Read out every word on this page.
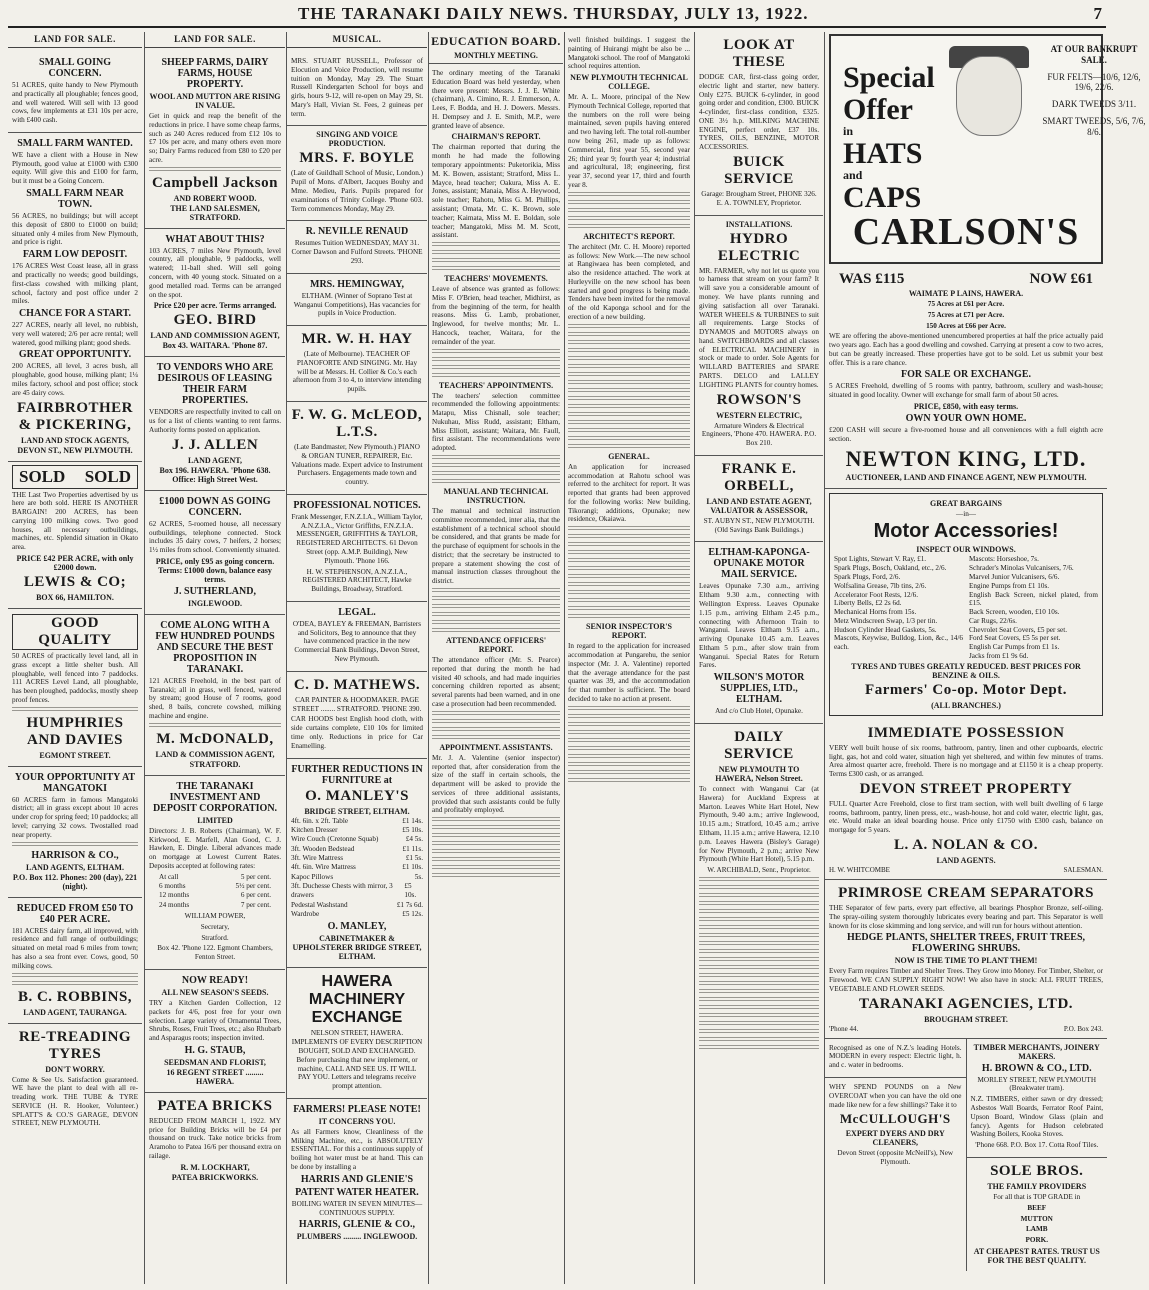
THE TARANAKI DAILY NEWS. THURSDAY, JULY 13, 1922.	7
LAND FOR SALE.
SMALL GOING CONCERN.
51 ACRES, quite handy to New Plymouth and practically all ploughable; fences good, and well watered. Will sell with 13 good cows, few implements at £31 10s per acre, with £400 cash.
SMALL FARM WANTED.
WE have a client with a House in New Plymouth, good value at £1000 with £300 equity. Will give this and £100 for farm, but it must be a Going Concern.
SMALL FARM NEAR TOWN.
56 ACRES, no buildings; but will accept this deposit of £800 to £1000 on build; situated only 4 miles from New Plymouth, and price is right.
FARM LOW DEPOSIT.
176 ACRES West Coast lease, all in grass and practically no weeds; good buildings, first-class cowshed with milking plant, school, factory and post office under 2 miles.
CHANCE FOR A START.
227 ACRES, nearly all level, no rubbish, very well watered; 2/6 per acre rental; well watered, good milking plant; good sheds.
GREAT OPPORTUNITY.
200 ACRES, all level, 3 acres bush, all ploughable, good house, milking plant; 1¼ miles factory, school and post office; stock are 45 dairy cows.
FAIRBROTHER & PICKERING,
LAND AND STOCK AGENTS,
DEVON ST., NEW PLYMOUTH.
SOLD SOLD
THE Last Two Properties advertised by us here are both sold. HERE IS ANOTHER BARGAIN! 200 ACRES, has been carrying 100 milking cows. Two good houses, all necessary outbuildings, machines, etc. Splendid situation in Okato area.
PRICE £42 PER ACRE, with only £2000 down.
LEWIS & CO;
BOX 66, HAMILTON.
GOOD QUALITY
50 ACRES of practically level land, all in grass except a little shelter bush. All ploughable, well fenced into 7 paddocks. 111 ACRES Level Land, all ploughable, has been ploughed, paddocks, mostly sheep proof fences.
HUMPHRIES AND DAVIES
EGMONT STREET.
YOUR OPPORTUNITY AT MANGATOKI
60 ACRES farm in famous Mangatoki district; all in grass except about 10 acres under crop for spring feed; 10 paddocks; all level; carrying 32 cows. Twostalled road near property.
HARRISON & CO.,
LAND AGENTS, ELTHAM.
P.O. Box 112. Phones: 200 (day), 221 (night).
REDUCED FROM £50 TO £40 PER ACRE.
181 ACRES dairy farm, all improved, with residence and full range of outbuildings; situated on metal road 6 miles from town; has also a sea front ever. Cows, good, 50 milking cows.
B. C. ROBBINS,
LAND AGENT, TAURANGA.
RE-TREADING TYRES
DON'T WORRY.
Come & See Us. Satisfaction guaranteed. WE have the plant to deal with all re-treading work. THE TUBE & TYRE SERVICE (H. R. Hooker, Volunteer.) SPLATT'S & CO.'S GARAGE, DEVON STREET, NEW PLYMOUTH.
LAND FOR SALE.
SHEEP FARMS, DAIRY FARMS, HOUSE PROPERTY.
WOOL AND MUTTON ARE RISING IN VALUE.
Get in quick and reap the benefit of the reductions in price. I have some cheap farms, such as 240 Acres reduced from £12 10s to £7 10s per acre, and many others even more so; Dairy Farms reduced from £80 to £20 per acre.
Campbell Jackson
AND ROBERT WOOD.
THE LAND SALESMEN, STRATFORD.
WHAT ABOUT THIS?
103 ACRES, 7 miles New Plymouth, level country, all ploughable, 9 paddocks, well watered; 11-ball shed. Will sell going concern, with 40 young stock. Situated on a good metalled road. Terms can be arranged on the spot.
Price £20 per acre. Terms arranged.
GEO. BIRD
LAND AND COMMISSION AGENT,
Box 43. WAITARA. 'Phone 87.
TO VENDORS WHO ARE DESIROUS OF LEASING THEIR FARM PROPERTIES.
VENDORS are respectfully invited to call on us for a list of clients wanting to rent farms. Authority forms posted on application.
J. J. ALLEN
LAND AGENT,
Box 196. HAWERA. 'Phone 638. Office: High Street West.
£1000 DOWN AS GOING CONCERN.
62 ACRES, 5-roomed house, all necessary outbuildings, telephone connected. Stock includes 35 dairy cows, 7 heifers, 2 horses; 1½ miles from school. Conveniently situated.
PRICE, only £95 as going concern. Terms: £1000 down, balance easy terms.
J. SUTHERLAND,
INGLEWOOD.
COME ALONG WITH A FEW HUNDRED POUNDS AND SECURE THE BEST PROPOSITION IN TARANAKI.
121 ACRES Freehold, in the best part of Taranaki; all in grass, well fenced, watered by stream; good House of 7 rooms, good shed, 8 bails, concrete cowshed, milking machine and engine.
M. McDONALD,
LAND & COMMISSION AGENT,
STRATFORD.
THE TARANAKI INVESTMENT AND DEPOSIT CORPORATION.
LIMITED
Directors: J. B. Roberts (Chairman), W. F. Kirkwood, E. Marfell, Alan Good, C. J. Hawken, E. Dingle. Liberal advances made on mortgage at Lowest Current Rates. Deposits accepted at following rates:
At call	5 per cent.
6 months	5½ per cent.
12 months	6 per cent.
24 months	7 per cent.
WILLIAM POWER,
Secretary,
Stratford.
Box 42. 'Phone 122. Egmont Chambers, Fenton Street.
NOW READY!
ALL NEW SEASON'S SEEDS.
TRY a Kitchen Garden Collection, 12 packets for 4/6, post free for your own selection. Large variety of Ornamental Trees, Shrubs, Roses, Fruit Trees, etc.; also Rhubarb and Asparagus roots; inspection invited.
H. G. STAUB,
SEEDSMAN AND FLORIST,
16 REGENT STREET ......... HAWERA.
PATEA BRICKS
REDUCED FROM MARCH 1, 1922. MY price for Building Bricks will be £4 per thousand on truck. Take notice bricks from Aramoho to Patea 16/6 per thousand extra on railage.
R. M. LOCKHART,
PATEA BRICKWORKS.
MUSICAL.
MRS. STUART RUSSELL, Professor of Elocution and Voice Production, will resume tuition on Monday, May 29. The Stuart Russell Kindergarten School for boys and girls, hours 9-12, will re-open on May 29, St. Mary's Hall, Vivian St. Fees, 2 guineas per term.
SINGING AND VOICE PRODUCTION.
MRS. F. BOYLE
(Late of Guildhall School of Music, London.) Pupil of Mons. d'Albert, Jacques Bouhy and Mme. Medieu, Paris. Pupils prepared for examinations of Trinity College. 'Phone 603. Term commences Monday, May 29.
R. NEVILLE RENAUD
Resumes Tuition WEDNESDAY, MAY 31. Corner Dawson and Fulford Streets. 'PHONE 293.
MRS. HEMINGWAY,
ELTHAM. (Winner of Soprano Test at Wanganui Competitions), Has vacancies for pupils in Voice Production.
MR. W. H. HAY
(Late of Melbourne). TEACHER OF PIANOFORTE AND SINGING. Mr. Hay will be at Messrs. H. Collier & Co.'s each afternoon from 3 to 4, to interview intending pupils.
F. W. G. McLEOD, L.T.S.
(Late Bandmaster, New Plymouth.) PIANO & ORGAN TUNER, REPAIRER, Etc. Valuations made. Expert advice to Instrument Purchasers. Engagements made town and country.
PROFESSIONAL NOTICES.
Frank Messenger, F.N.Z.I.A., William Taylor, A.N.Z.I.A., Victor Griffiths, F.N.Z.I.A. MESSENGER, GRIFFITHS & TAYLOR, REGISTERED ARCHITECTS. 61 Devon Street (opp. A.M.P. Building), New Plymouth. 'Phone 166.
H. W. STEPHENSON, A.N.Z.I.A., REGISTERED ARCHITECT, Hawke Buildings, Broadway, Stratford.
LEGAL.
O'DEA, BAYLEY & FREEMAN, Barristers and Solicitors, Beg to announce that they have commenced practice in the new Commercial Bank Buildings, Devon Street, New Plymouth.
C. D. MATHEWS.
CAR PAINTER & HOODMAKER. PAGE STREET ........ STRATFORD. 'PHONE 390.
CAR HOODS best English hood cloth, with side curtains complete, £10 10s for limited time only. Reductions in price for Car Enamelling.
FURTHER REDUCTIONS IN FURNITURE at
O. MANLEY'S
BRIDGE STREET, ELTHAM.
4ft. 6in. x 2ft. Table	£1 14s.
Kitchen Dresser	£5 10s.
Wire Couch (Cretonne Squab)	£4 5s.
3ft. Wooden Bedstead	£1 11s.
3ft. Wire Mattress	£1 5s.
4ft. 6in. Wire Mattress	£1 10s.
Kapoc Pillows	5s.
3ft. Duchesse Chests with mirror, 3 drawers
£5 10s.
Pedestal Washstand	£1 7s 6d.
Wardrobe	£5 12s.
O. MANLEY,
CABINETMAKER & UPHOLSTERER BRIDGE STREET, ELTHAM.
HAWERA MACHINERY EXCHANGE
NELSON STREET, HAWERA. IMPLEMENTS OF EVERY DESCRIPTION BOUGHT, SOLD AND EXCHANGED. Before purchasing that new implement, or machine, CALL AND SEE US. IT WILL PAY YOU. Letters and telegrams receive prompt attention.
FARMERS! PLEASE NOTE!
IT CONCERNS YOU.
As all Farmers know, Cleanliness of the Milking Machine, etc., is ABSOLUTELY ESSENTIAL. For this a continuous supply of boiling hot water must be at hand. This can be done by installing a
HARRIS AND GLENIE'S
PATENT WATER HEATER.
BOILING WATER IN SEVEN MINUTES—CONTINUOUS SUPPLY.
HARRIS, GLENIE & CO.,
PLUMBERS ......... INGLEWOOD.
EDUCATION BOARD.
MONTHLY MEETING.
The ordinary meeting of the Taranaki Education Board was held yesterday, when there were present: Messrs. J. J. E. White (chairman), A. Cimino, R. J. Emmerson, A. Lees, F. Bodda, and H. J. Dowers. Messrs. H. Dempsey and J. E. Smith, M.P., were granted leave of absence.
CHAIRMAN'S REPORT.
The chairman reported that during the month he had made the following temporary appointments: Puketorikia, Miss M. K. Bowen, assistant; Stratford, Miss L. Mayce, head teacher; Oakura, Miss A. E. Jones, assistant; Manaia, Miss A. Heywood, sole teacher; Rahotu, Miss G. M. Phillips, assistant; Omata, Mr. C. K. Brown, sole teacher; Kaimata, Miss M. E. Boldan, sole teacher; Mangatoki, Miss M. M. Scott, assistant.
TEACHERS' MOVEMENTS.
Leave of absence was granted as follows: Miss F. O'Brien, head teacher, Midhirst, as from the beginning of the term, for health reasons. Miss G. Lamb, probationer, Inglewood, for twelve months; Mr. L. Hancock, teacher, Waitara, for the remainder of the year.
TEACHERS' APPOINTMENTS.
The teachers' selection committee recommended the following appointments: Matapu, Miss Chisnall, sole teacher; Nukuhau, Miss Rudd, assistant; Eltham, Miss Elliott, assistant; Waitara, Mr. Faull, first assistant. The recommendations were adopted.
MANUAL AND TECHNICAL INSTRUCTION.
The manual and technical instruction committee recommended, inter alia, that the establishment of a technical school should be considered, and that grants be made for the purchase of equipment for schools in the district; that the secretary be instructed to prepare a statement showing the cost of manual instruction classes throughout the district.
ATTENDANCE OFFICERS' REPORT.
The attendance officer (Mr. S. Pearce) reported that during the month he had visited 40 schools, and had made inquiries concerning children reported as absent; several parents had been warned, and in one case a prosecution had been recommended.
APPOINTMENT. ASSISTANTS.
Mr. J. A. Valentine (senior inspector) reported that, after consideration from the size of the staff in certain schools, the department will be asked to provide the services of three additional assistants, provided that such assistants could be fully and profitably employed.
well finished buildings. I suggest the painting of Huirangi might be also be ... Mangatoki school. The roof of Mangatoki school requires attention.
NEW PLYMOUTH TECHNICAL COLLEGE.
Mr. A. L. Moore, principal of the New Plymouth Technical College, reported that the numbers on the roll were being maintained, seven pupils having entered and two having left. The total roll-number now being 261, made up as follows: Commercial, first year 55, second year 26; third year 9; fourth year 4; industrial and agricultural, 18; engineering, first year 37, second year 17, third and fourth year 8.
ARCHITECT'S REPORT.
The architect (Mr. C. H. Moore) reported as follows: New Work.—The new school at Rangiwaea has been completed, and also the residence attached. The work at Hurleyville on the new school has been started and good progress is being made. Tenders have been invited for the removal of the old Kaponga school and for the erection of a new building.
GENERAL.
An application for increased accommodation at Rahotu school was referred to the architect for report. It was reported that grants had been approved for the following works: New building, Tikorangi; additions, Opunake; new residence, Okaiawa.
SENIOR INSPECTOR'S REPORT.
In regard to the application for increased accommodation at Pungarehu, the senior inspector (Mr. J. A. Valentine) reported that the average attendance for the past quarter was 39, and the accommodation for that number is sufficient. The board decided to take no action at present.
LOOK AT THESE
DODGE CAR, first-class going order, electric light and starter, new battery. Only £275. BUICK 6-cylinder, in good going order and condition, £300. BUICK 4-cylinder, first-class condition, £325. ONE 3½ h.p. MILKING MACHINE ENGINE, perfect order, £37 10s. TYRES, OILS, BENZINE, MOTOR ACCESSORIES.
BUICK SERVICE
Garage: Brougham Street, PHONE 326. E. A. TOWNLEY, Proprietor.
INSTALLATIONS.
HYDRO ELECTRIC
MR. FARMER, why not let us quote you to harness that stream on your farm? It will save you a considerable amount of money. We have plants running and giving satisfaction all over Taranaki. WATER WHEELS & TURBINES to suit all requirements. Large Stocks of DYNAMOS and MOTORS always on hand. SWITCHBOARDS and all classes of ELECTRICAL MACHINERY in stock or made to order. Sole Agents for WILLARD BATTERIES and SPARE PARTS. DELCO and LALLEY LIGHTING PLANTS for country homes.
ROWSON'S
WESTERN ELECTRIC,
Armature Winders & Electrical Engineers, 'Phone 470. HAWERA. P.O. Box 210.
FRANK E. ORBELL,
LAND AND ESTATE AGENT, VALUATOR & ASSESSOR,
ST. AUBYN ST., NEW PLYMOUTH. (Old Savings Bank Buildings.)
ELTHAM-KAPONGA-OPUNAKE MOTOR MAIL SERVICE.
Leaves Opunake 7.30 a.m., arriving Eltham 9.30 a.m., connecting with Wellington Express. Leaves Opunake 1.15 p.m., arriving Eltham 2.45 p.m., connecting with Afternoon Train to Wanganui. Leaves Eltham 9.15 a.m., arriving Opunake 10.45 a.m. Leaves Eltham 5 p.m., after slow train from Wanganui. Special Rates for Return Fares.
WILSON'S MOTOR SUPPLIES, LTD., ELTHAM.
And c/o Club Hotel, Opunake.
DAILY SERVICE
NEW PLYMOUTH TO HAWERA, Nelson Street.
To connect with Wanganui Car (at Hawera) for Auckland Express at Marton. Leaves White Hart Hotel, New Plymouth, 9.40 a.m.; arrive Inglewood, 10.15 a.m.; Stratford, 10.45 a.m.; arrive Eltham, 11.15 a.m.; arrive Hawera, 12.10 p.m. Leaves Hawera (Bisley's Garage) for New Plymouth, 2 p.m.; arrive New Plymouth (White Hart Hotel), 5.15 p.m.
W. ARCHIBALD, Senr., Proprietor.
Special
Offer
in
HATS
and
CAPS
AT OUR BANKRUPT SALE.
FUR FELTS—10/6, 12/6, 19/6, 22/6.
DARK TWEEDS 3/11.
SMART TWEEDS, 5/6, 7/6, 8/6.
CARLSON'S
WAS £115	NOW £61
WAIMATE P LAINS, HAWERA.
75 Acres at £61 per Acre.
75 Acres at £71 per Acre.
150 Acres at £66 per Acre.
WE are offering the above-mentioned unencumbered properties at half the price actually paid two years ago. Each has a good dwelling and cowshed. Carrying at present a cow to two acres, but can be greatly increased. These properties have got to be sold. Let us submit your best offer. This is a rare chance.
FOR SALE OR EXCHANGE.
5 ACRES Freehold, dwelling of 5 rooms with pantry, bathroom, scullery and wash-house; situated in good locality. Owner will exchange for small farm of about 50 acres.
PRICE, £850, with easy terms.
OWN YOUR OWN HOME.
£200 CASH will secure a five-roomed house and all conveniences with a full eighth acre section.
NEWTON KING, LTD.
AUCTIONEER, LAND AND FINANCE AGENT, NEW PLYMOUTH.
GREAT BARGAINS
—in—
Motor Accessories!
INSPECT OUR WINDOWS.
Spot Lights, Stewart V. Ray, £1.
Spark Plugs, Bosch, Oakland, etc., 2/6.
Spark Plugs, Ford, 2/6.
Wolfsalina Grease, 7lb tins, 2/6.
Accelerator Foot Rests, 12/6.
Liberty Bells, £2 2s 6d.
Mechanical Horns from 15s.
Metz Windscreen Swap, 1/3 per tin.
Hudson Cylinder Head Gaskets, 5s.
Mascots, Keywise, Bulldog, Lion, &c., 14/6 each.
Mascots: Horseshoe, 7s.
Schrader's Minolas Vulcanisers, 7/6.
Marvel Junior Vulcanisers, 6/6.
Engine Pumps from £1 10s.
English Back Screen, nickel plated, from £15.
Back Screen, wooden, £10 10s.
Car Rugs, 22/6s.
Chevrolet Seat Covers, £5 per set.
Ford Seat Covers, £5 5s per set.
English Car Pumps from £1 1s.
Jacks from £1 9s 6d.
TYRES AND TUBES GREATLY REDUCED. BEST PRICES FOR BENZINE & OILS.
Farmers' Co-op. Motor Dept.
(ALL BRANCHES.)
IMMEDIATE POSSESSION
VERY well built house of six rooms, bathroom, pantry, linen and other cupboards, electric light, gas, hot and cold water, situation high yet sheltered, and within few minutes of trams. Area almost quarter acre, freehold. There is no mortgage and at £1150 it is a cheap property. Terms £300 cash, or as arranged.
DEVON STREET PROPERTY
FULL Quarter Acre Freehold, close to first tram section, with well built dwelling of 6 large rooms, bathroom, pantry, linen press, etc., wash-house, hot and cold water, electric light, gas, etc. Would make an ideal boarding house. Price only £1750 with £300 cash, balance on mortgage for 5 years.
L. A. NOLAN & CO.
LAND AGENTS.
H. W. WHITCOMBE	SALESMAN.
PRIMROSE CREAM SEPARATORS
THE Separator of few parts, every part effective, all bearings Phosphor Bronze, self-oiling. The spray-oiling system thoroughly lubricates every bearing and part. This Separator is well known for its close skimming and long service, and will run for hours without attention.
HEDGE PLANTS, SHELTER TREES, FRUIT TREES, FLOWERING SHRUBS.
NOW IS THE TIME TO PLANT THEM!
Every Farm requires Timber and Shelter Trees. They Grow into Money. For Timber, Shelter, or Firewood. WE CAN SUPPLY RIGHT NOW! We also have in stock: ALL FRUIT TREES, VEGETABLE AND FLOWER SEEDS.
TARANAKI AGENCIES, LTD.
BROUGHAM STREET.
'Phone 44.	P.O. Box 243.
Recognised as one of N.Z.'s leading Hotels. MODERN in every respect: Electric light, h. and c. water in bedrooms.
WHY SPEND POUNDS on a New OVERCOAT when you can have the old one made like new for a few shillings? Take it to
McCULLOUGH'S
EXPERT DYERS AND DRY CLEANERS,
Devon Street (opposite McNeill's), New Plymouth.
TIMBER MERCHANTS, JOINERY MAKERS.
H. BROWN & CO., LTD.
MORLEY STREET, NEW PLYMOUTH (Breakwater tram).
N.Z. TIMBERS, either sawn or dry dressed; Asbestos Wall Boards, Ferrator Roof Paint, Upson Board, Window Glass (plain and fancy). Agents for Hudson celebrated Washing Boilers, Kooka Stoves.
'Phone 668. P.O. Box 17. Cotta Roof Tiles.
SOLE BROS.
THE FAMILY PROVIDERS
For all that is TOP GRADE in
BEEF
MUTTON
LAMB
PORK.
AT CHEAPEST RATES. TRUST US FOR THE BEST QUALITY.
